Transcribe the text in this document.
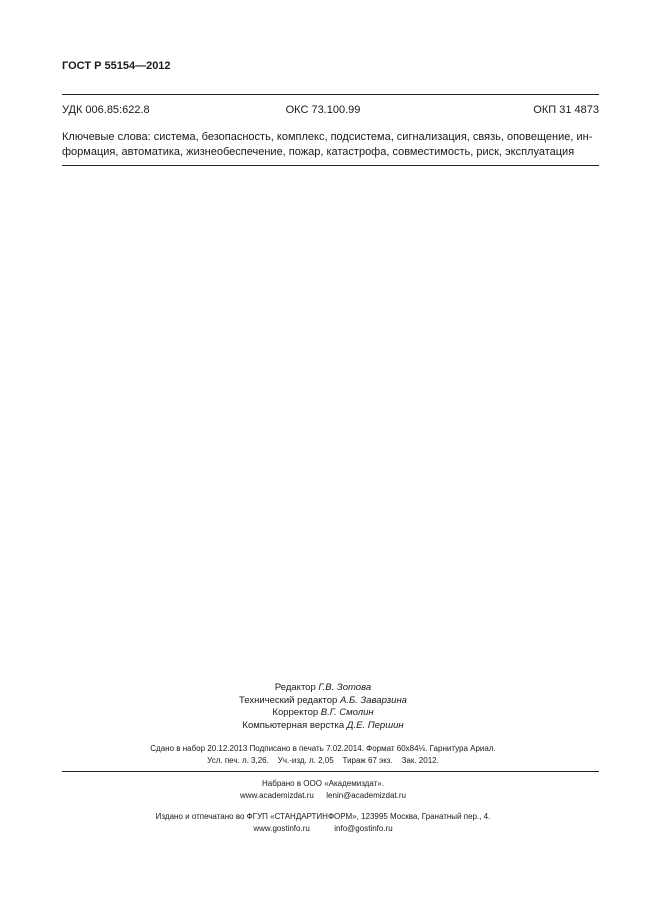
ГОСТ Р 55154—2012
УДК 006.85:622.8	ОКС 73.100.99	ОКП 31 4873
Ключевые слова: система, безопасность, комплекс, подсистема, сигнализация, связь, оповещение, ин-
формация, автоматика, жизнеобеспечение, пожар, катастрофа, совместимость, риск, эксплуатация
Редактор Г.В. Зотова
Технический редактор А.Б. Заварзина
Корректор В.Г. Смолин
Компьютерная верстка Д.Е. Першин
Сдано в набор 20.12.2013 Подписано в печать 7.02.2014. Формат 60х84⅛. Гарнитура Ариал.
Усл. печ. л. 3,26.    Уч.-изд. л. 2,05    Тираж 67 экз.    Зак. 2012.
Набрано в ООО «Академиздат».
www.academizdat.ru lenin@academizdat.ru
Издано и отпечатано во ФГУП «СТАНДАРТИНФОРМ», 123995 Москва, Гранатный пер., 4.
www.gostinfo.ru	info@gostinfo.ru
